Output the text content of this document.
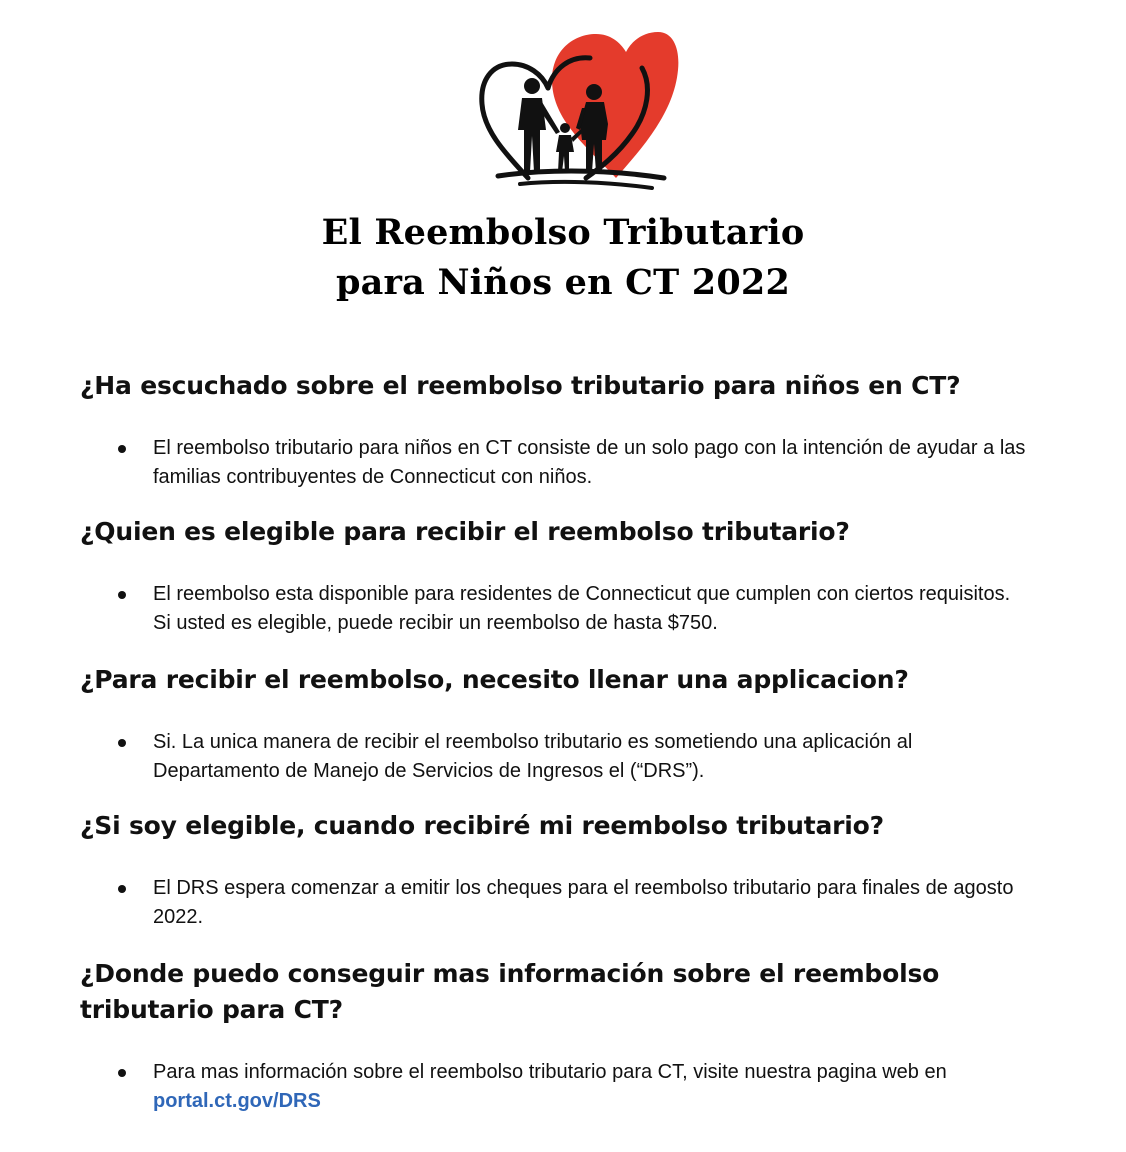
El Reembolso Tributario
para Niños en CT 2022

¿Ha escuchado sobre el reembolso tributario para niños en CT?

El reembolso tributario para niños en CT consiste de un solo pago con la intención de ayudar a las familias contribuyentes de Connecticut con niños.

¿Quien es elegible para recibir el reembolso tributario?

El reembolso esta disponible para residentes de Connecticut que cumplen con ciertos requisitos. Si usted es elegible, puede recibir un reembolso de hasta $750.

¿Para recibir el reembolso, necesito llenar una applicacion?

Si. La unica manera de recibir el reembolso tributario es sometiendo una aplicación al Departamento de Manejo de Servicios de Ingresos el (“DRS”).

¿Si soy elegible, cuando recibiré mi reembolso tributario?

El DRS espera comenzar a emitir los cheques para el reembolso tributario para finales de agosto 2022.

¿Donde puedo conseguir mas información sobre el reembolso tributario para CT?

Para mas información sobre el reembolso tributario para CT, visite nuestra pagina web en portal.ct.gov/DRS
